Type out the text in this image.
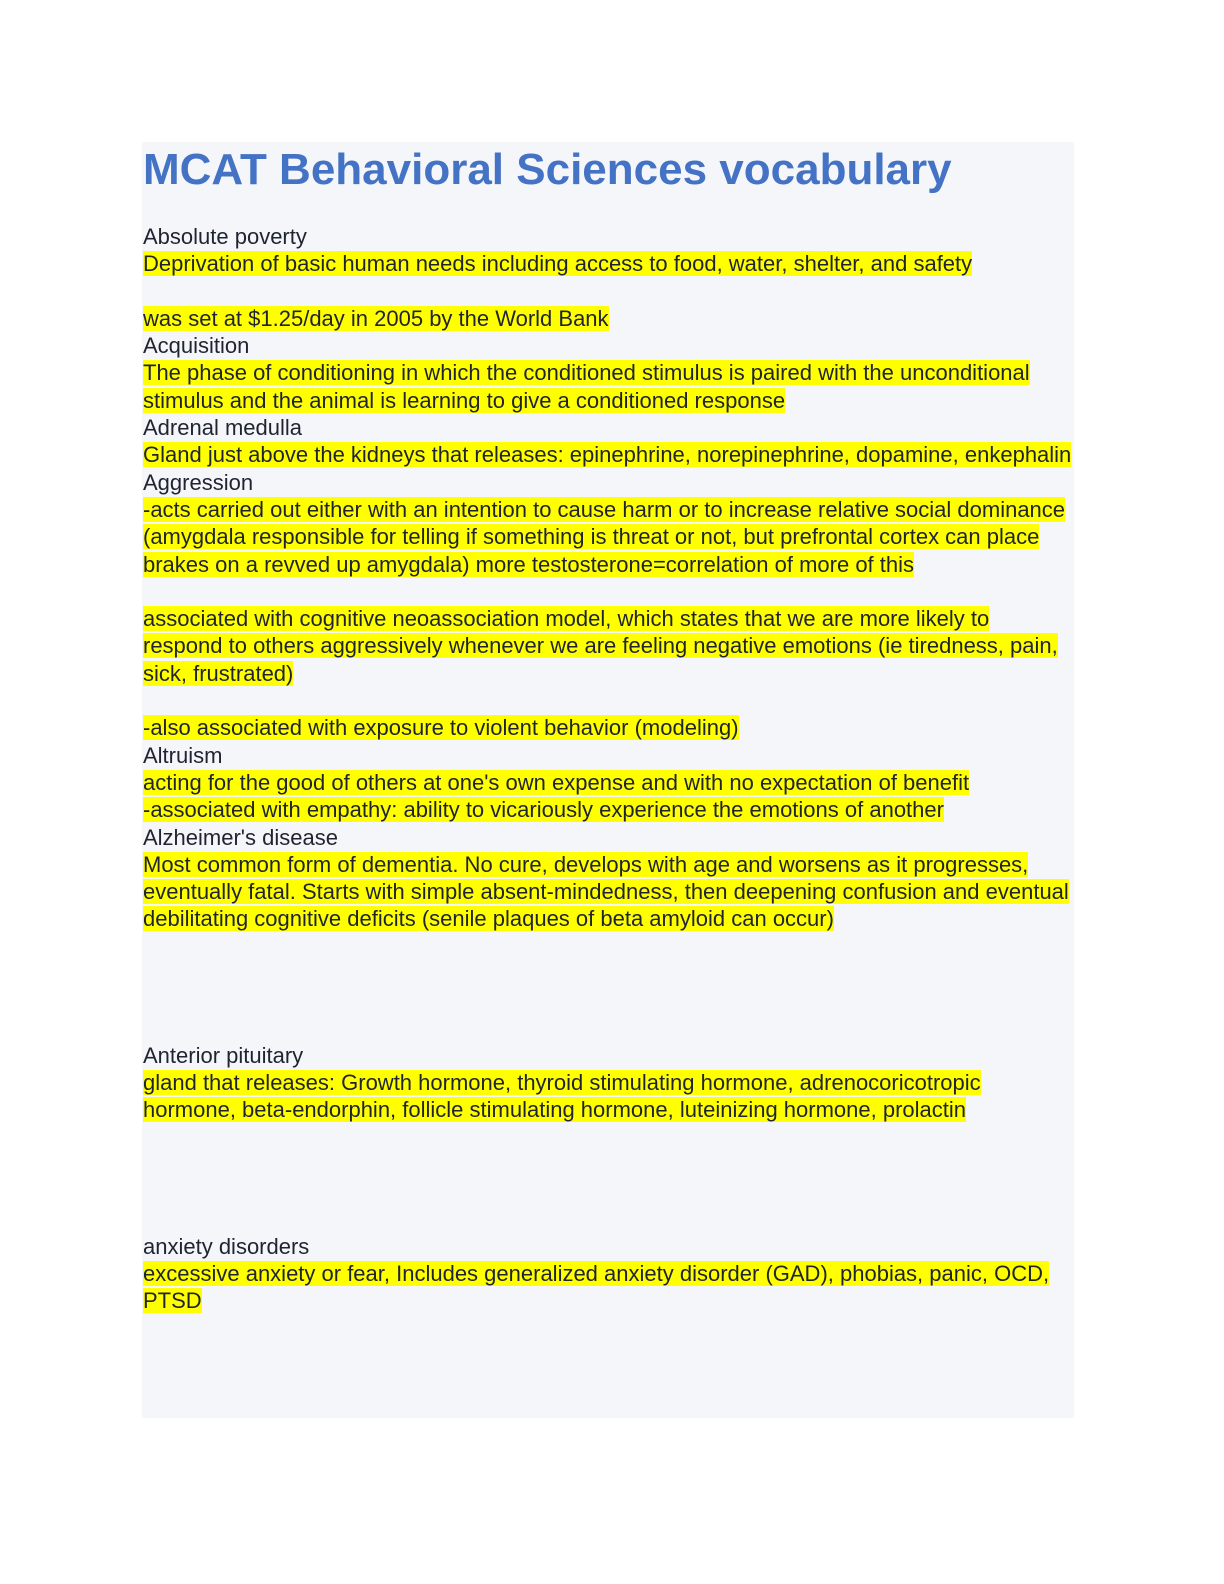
MCAT Behavioral Sciences vocabulary

Absolute poverty

Deprivation of basic human needs including access to food, water, shelter, and safety

was set at $1.25/day in 2005 by the World Bank

Acquisition

The phase of conditioning in which the conditioned stimulus is paired with the unconditional stimulus and the animal is learning to give a conditioned response

Adrenal medulla

Gland just above the kidneys that releases: epinephrine, norepinephrine, dopamine, enkephalin

Aggression

-acts carried out either with an intention to cause harm or to increase relative social dominance (amygdala responsible for telling if something is threat or not, but prefrontal cortex can place brakes on a revved up amygdala) more testosterone=correlation of more of this

associated with cognitive neoassociation model, which states that we are more likely to respond to others aggressively whenever we are feeling negative emotions (ie tiredness, pain, sick, frustrated)

-also associated with exposure to violent behavior (modeling)

Altruism

acting for the good of others at one's own expense and with no expectation of benefit

-associated with empathy: ability to vicariously experience the emotions of another

Alzheimer's disease

Most common form of dementia. No cure, develops with age and worsens as it progresses, eventually fatal. Starts with simple absent-mindedness, then deepening confusion and eventual debilitating cognitive deficits (senile plaques of beta amyloid can occur)

Anterior pituitary

gland that releases: Growth hormone, thyroid stimulating hormone, adrenocoricotropic hormone, beta-endorphin, follicle stimulating hormone, luteinizing hormone, prolactin

anxiety disorders

excessive anxiety or fear, Includes generalized anxiety disorder (GAD), phobias, panic, OCD, PTSD
